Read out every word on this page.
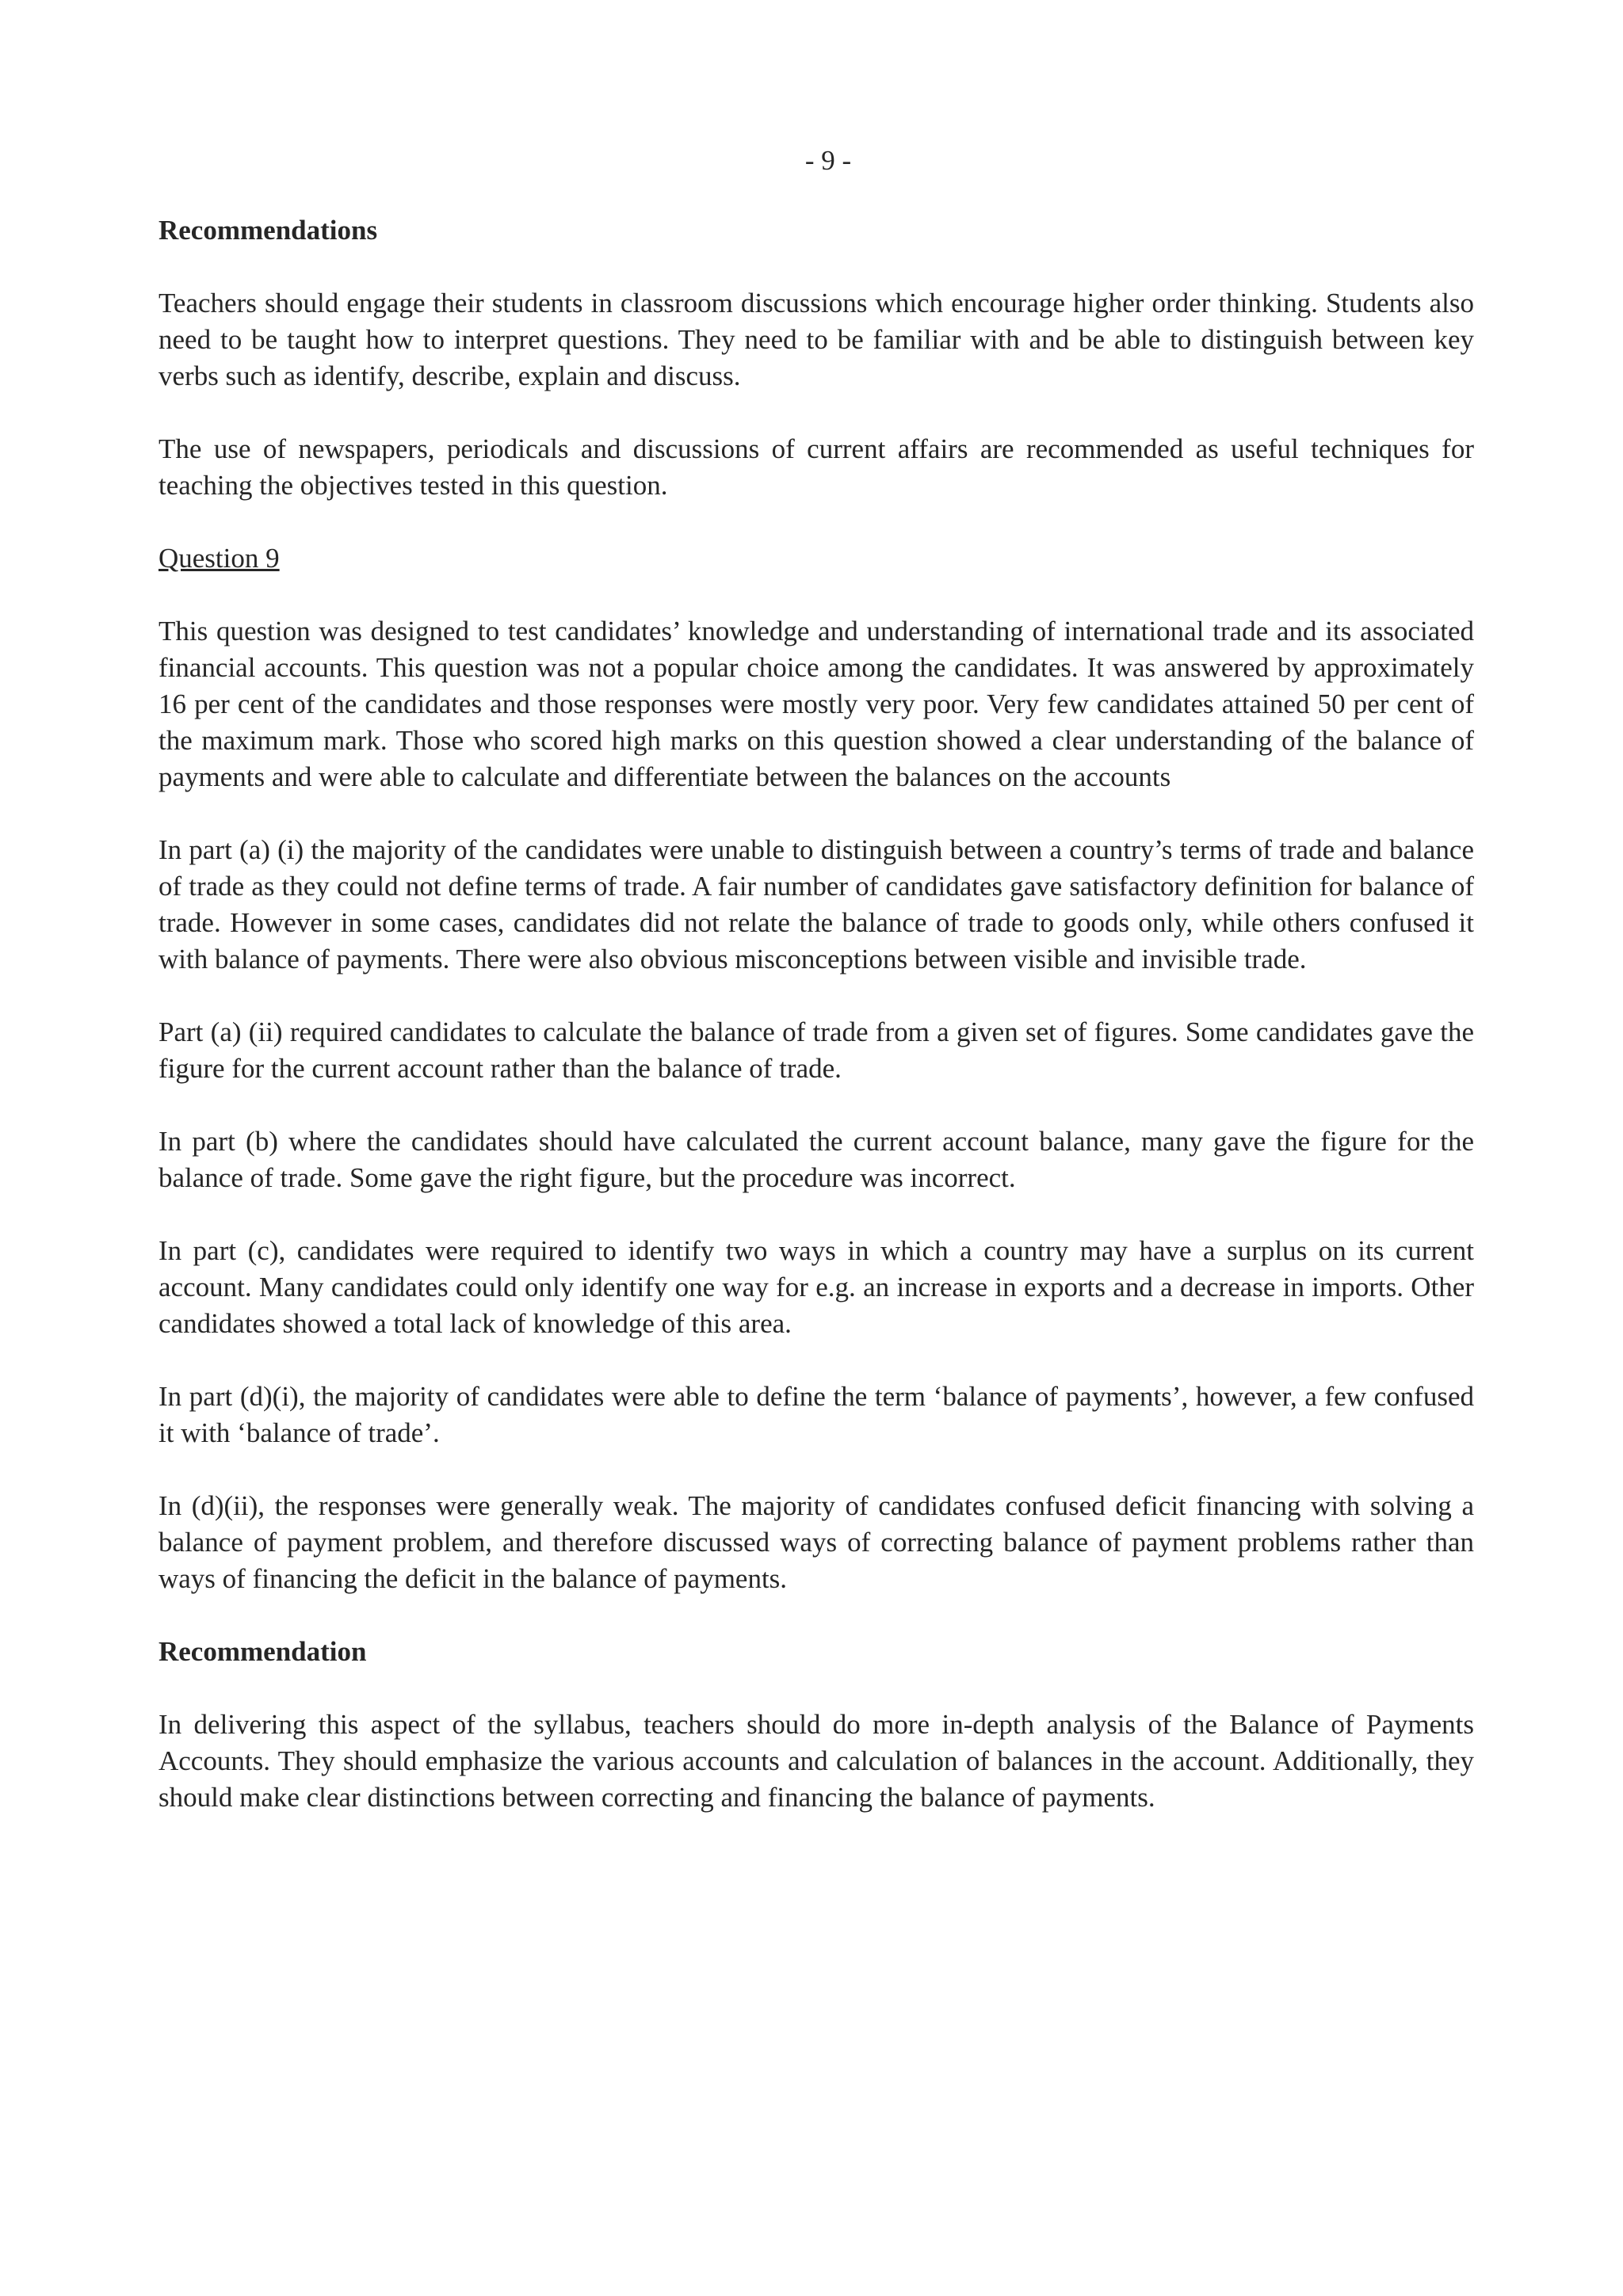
- 9 -
Recommendations

Teachers should engage their students in classroom discussions which encourage higher order thinking. Students also need to be taught how to interpret questions. They need to be familiar with and be able to distinguish between key verbs such as identify, describe, explain and discuss.

The use of newspapers, periodicals and discussions of current affairs are recommended as useful techniques for teaching the objectives tested in this question.

Question 9

This question was designed to test candidates’ knowledge and understanding of international trade and its associated financial accounts. This question was not a popular choice among the candidates. It was answered by approximately 16 per cent of the candidates and those responses were mostly very poor. Very few candidates attained 50 per cent of the maximum mark. Those who scored high marks on this question showed a clear understanding of the balance of payments and were able to calculate and differentiate between the balances on the accounts

In part (a) (i) the majority of the candidates were unable to distinguish between a country’s terms of trade and balance of trade as they could not define terms of trade. A fair number of candidates gave satisfactory definition for balance of trade. However in some cases, candidates did not relate the balance of trade to goods only, while others confused it with balance of payments. There were also obvious misconceptions between visible and invisible trade.

Part (a) (ii) required candidates to calculate the balance of trade from a given set of figures. Some candidates gave the figure for the current account rather than the balance of trade.

In part (b) where the candidates should have calculated the current account balance, many gave the figure for the balance of trade. Some gave the right figure, but the procedure was incorrect.

In part (c), candidates were required to identify two ways in which a country may have a surplus on its current account. Many candidates could only identify one way for e.g. an increase in exports and a decrease in imports. Other candidates showed a total lack of knowledge of this area.

In part (d)(i), the majority of candidates were able to define the term ‘balance of payments’, however, a few confused it with ‘balance of trade’.

In (d)(ii), the responses were generally weak. The majority of candidates confused deficit financing with solving a balance of payment problem, and therefore discussed ways of correcting balance of payment problems rather than ways of financing the deficit in the balance of payments.

Recommendation

In delivering this aspect of the syllabus, teachers should do more in-depth analysis of the Balance of Payments Accounts. They should emphasize the various accounts and calculation of balances in the account. Additionally, they should make clear distinctions between correcting and financing the balance of payments.
